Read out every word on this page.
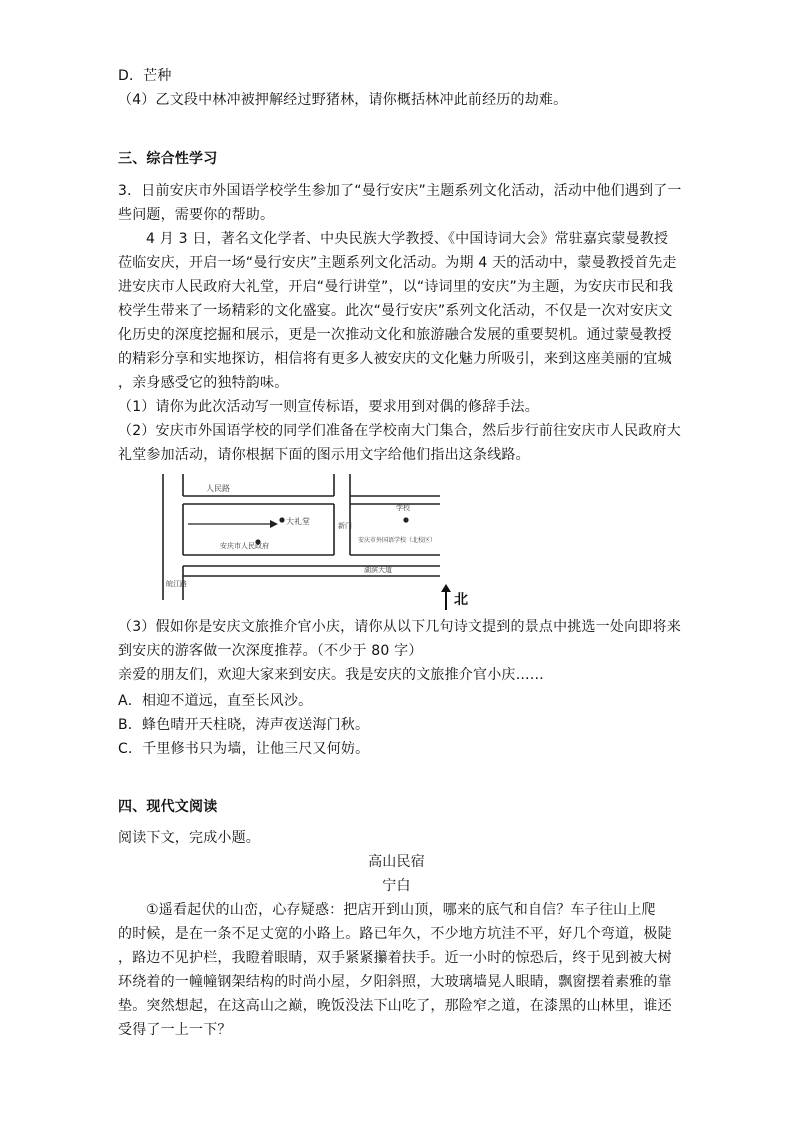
D．芒种
（4）乙文段中林冲被押解经过野猪林，请你概括林冲此前经历的劫难。
三、综合性学习
3．日前安庆市外国语学校学生参加了“曼行安庆”主题系列文化活动，活动中他们遇到了一
些问题，需要你的帮助。
4 月 3 日，著名文化学者、中央民族大学教授、《中国诗词大会》常驻嘉宾蒙曼教授
莅临安庆，开启一场“曼行安庆”主题系列文化活动。为期 4 天的活动中，蒙曼教授首先走
进安庆市人民政府大礼堂，开启“曼行讲堂”，以“诗词里的安庆”为主题，为安庆市民和我
校学生带来了一场精彩的文化盛宴。此次“曼行安庆”系列文化活动，不仅是一次对安庆文
化历史的深度挖掘和展示，更是一次推动文化和旅游融合发展的重要契机。通过蒙曼教授
的精彩分享和实地探访，相信将有更多人被安庆的文化魅力所吸引，来到这座美丽的宜城
，亲身感受它的独特韵味。
（1）请你为此次活动写一则宣传标语，要求用到对偶的修辞手法。
（2）安庆市外国语学校的同学们准备在学校南大门集合，然后步行前往安庆市人民政府大
礼堂参加活动，请你根据下面的图示用文字给他们指出这条线路。
人民路
大礼堂
安庆市人民政府
新门
学校
安庆市外国语学校（北校区）
湖滨大道
皖江路
北
（3）假如你是安庆文旅推介官小庆，请你从以下几句诗文提到的景点中挑选一处向即将来
到安庆的游客做一次深度推荐。（不少于 80 字）
亲爱的朋友们，欢迎大家来到安庆。我是安庆的文旅推介官小庆……
A．相迎不道远，直至长风沙。
B．蜂色晴开天柱晓，涛声夜送海门秋。
C．千里修书只为墙，让他三尺又何妨。
四、现代文阅读
阅读下文，完成小题。
高山民宿
宁白
①遥看起伏的山峦，心存疑惑：把店开到山顶，哪来的底气和自信？车子往山上爬
的时候，是在一条不足丈宽的小路上。路已年久，不少地方坑洼不平，好几个弯道，极陡
，路边不见护栏，我瞪着眼睛，双手紧紧攥着扶手。近一小时的惊恐后，终于见到被大树
环绕着的一幢幢钢架结构的时尚小屋，夕阳斜照，大玻璃墙晃人眼睛，飘窗摆着素雅的靠
垫。突然想起，在这高山之巅，晚饭没法下山吃了，那险窄之道，在漆黑的山林里，谁还
受得了一上一下？
